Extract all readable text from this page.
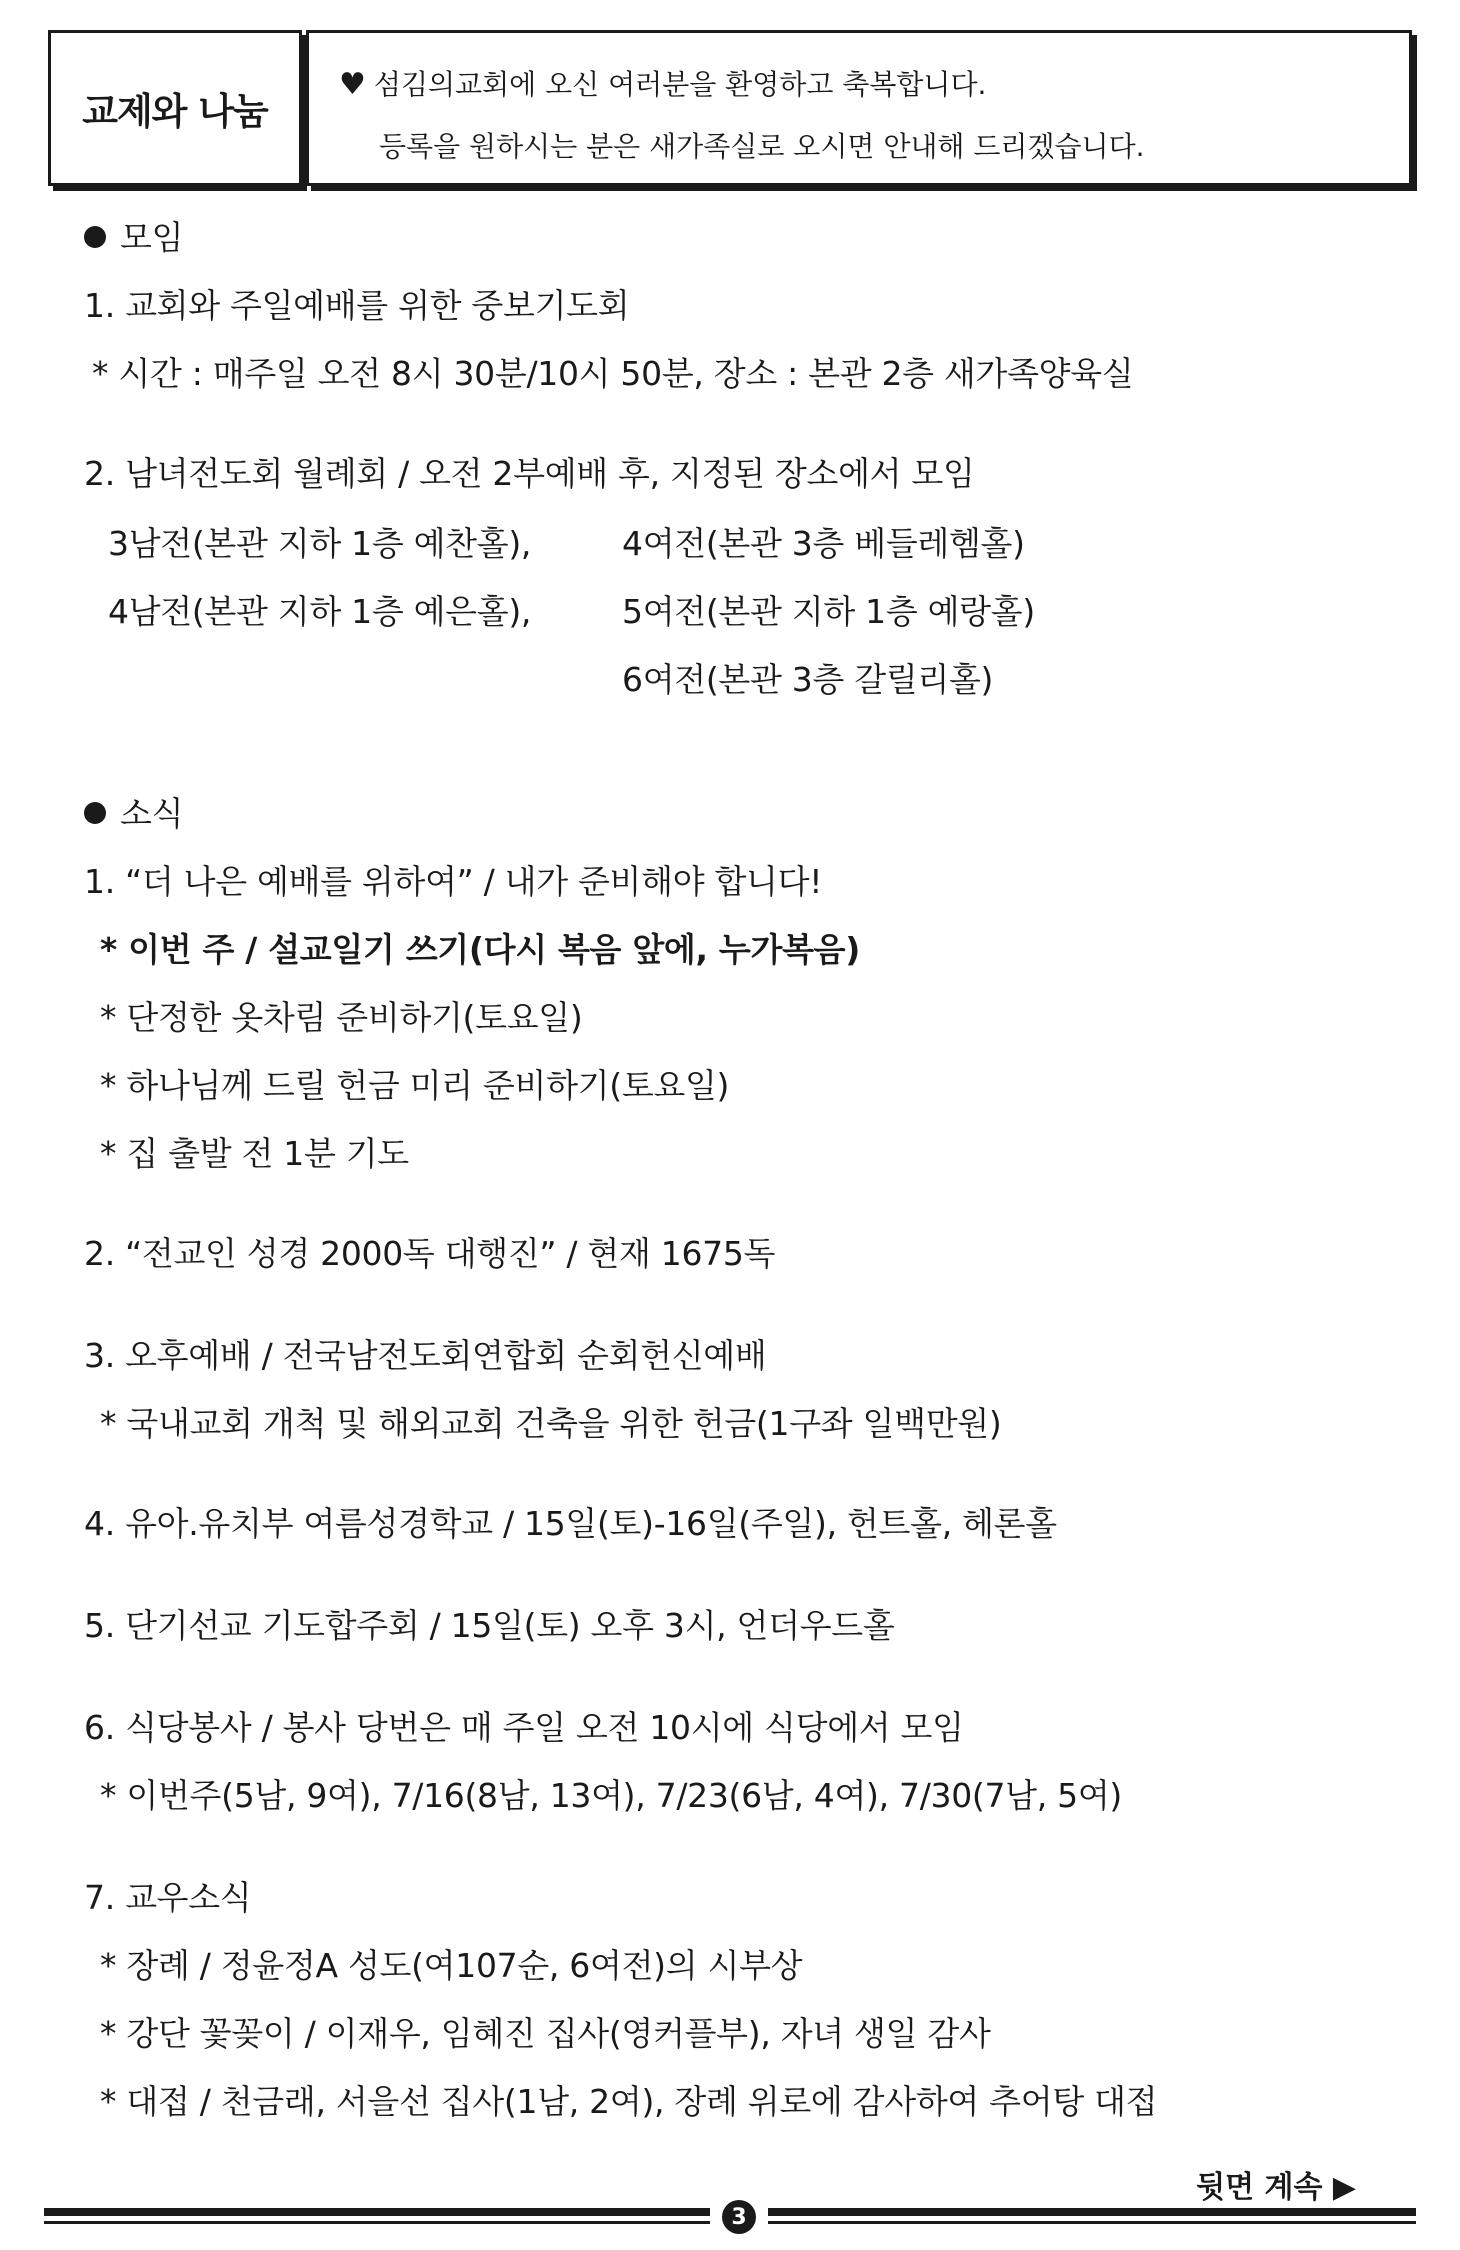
교제와 나눔
♥ 섬김의교회에 오신 여러분을 환영하고 축복합니다.
등록을 원하시는 분은 새가족실로 오시면 안내해 드리겠습니다.
모임
1. 교회와 주일예배를 위한 중보기도회
* 시간 : 매주일 오전 8시 30분/10시 50분, 장소 : 본관 2층 새가족양육실
2. 남녀전도회 월례회 / 오전 2부예배 후, 지정된 장소에서 모임
3남전(본관 지하 1층 예찬홀),	4여전(본관 3층 베들레헴홀)
4남전(본관 지하 1층 예은홀),	5여전(본관 지하 1층 예랑홀)
6여전(본관 3층 갈릴리홀)
소식
1. “더 나은 예배를 위하여” / 내가 준비해야 합니다!
* 이번 주 / 설교일기 쓰기(다시 복음 앞에, 누가복음)
* 단정한 옷차림 준비하기(토요일)
* 하나님께 드릴 헌금 미리 준비하기(토요일)
* 집 출발 전 1분 기도
2. “전교인 성경 2000독 대행진” / 현재 1675독
3. 오후예배 / 전국남전도회연합회 순회헌신예배
* 국내교회 개척 및 해외교회 건축을 위한 헌금(1구좌 일백만원)
4. 유아.유치부 여름성경학교 / 15일(토)-16일(주일), 헌트홀, 헤론홀
5. 단기선교 기도합주회 / 15일(토) 오후 3시, 언더우드홀
6. 식당봉사 / 봉사 당번은 매 주일 오전 10시에 식당에서 모임
* 이번주(5남, 9여), 7/16(8남, 13여), 7/23(6남, 4여), 7/30(7남, 5여)
7. 교우소식
* 장례 / 정윤정A 성도(여107순, 6여전)의 시부상
* 강단 꽃꽂이 / 이재우, 임혜진 집사(영커플부), 자녀 생일 감사
* 대접 / 천금래, 서을선 집사(1남, 2여), 장례 위로에 감사하여 추어탕 대접
뒷면 계속 ▶
3
